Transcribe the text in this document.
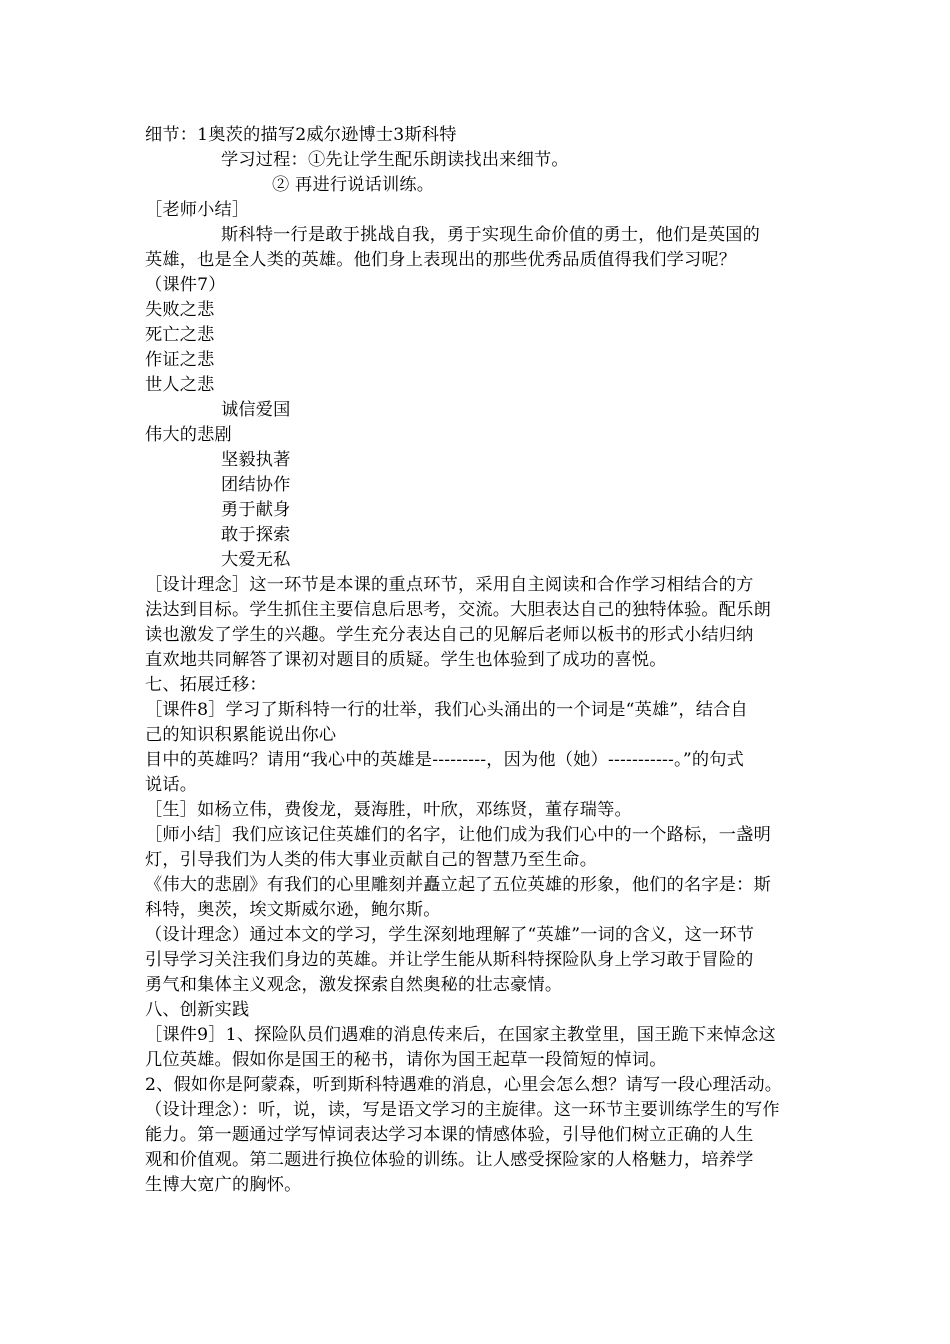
细节：1奥茨的描写2威尔逊博士3斯科特
学习过程：①先让学生配乐朗读找出来细节。
② 再进行说话训练。
［老师小结］
斯科特一行是敢于挑战自我，勇于实现生命价值的勇士，他们是英国的
英雄，也是全人类的英雄。他们身上表现出的那些优秀品质值得我们学习呢？
（课件7）
失败之悲
死亡之悲
作证之悲
世人之悲
诚信爱国
伟大的悲剧
坚毅执著
团结协作
勇于献身
敢于探索
大爱无私
［设计理念］这一环节是本课的重点环节，采用自主阅读和合作学习相结合的方
法达到目标。学生抓住主要信息后思考，交流。大胆表达自己的独特体验。配乐朗
读也激发了学生的兴趣。学生充分表达自己的见解后老师以板书的形式小结归纳
直欢地共同解答了课初对题目的质疑。学生也体验到了成功的喜悦。
七、拓展迁移：
［课件8］学习了斯科特一行的壮举，我们心头涌出的一个词是“英雄”，结合自
己的知识积累能说出你心
目中的英雄吗？请用“我心中的英雄是---------，因为他（她）-----------。”的句式
说话。
［生］如杨立伟，费俊龙，聂海胜，叶欣，邓练贤，董存瑞等。
［师小结］我们应该记住英雄们的名字，让他们成为我们心中的一个路标，一盏明
灯，引导我们为人类的伟大事业贡献自己的智慧乃至生命。
《伟大的悲剧》有我们的心里雕刻并矗立起了五位英雄的形象，他们的名字是：斯
科特，奥茨，埃文斯威尔逊，鲍尔斯。
（设计理念）通过本文的学习，学生深刻地理解了“英雄”一词的含义，这一环节
引导学习关注我们身边的英雄。并让学生能从斯科特探险队身上学习敢于冒险的
勇气和集体主义观念，激发探索自然奥秘的壮志豪情。
八、创新实践
［课件9］1、探险队员们遇难的消息传来后，在国家主教堂里，国王跪下来悼念这
几位英雄。假如你是国王的秘书，请你为国王起草一段简短的悼词。
2、假如你是阿蒙森，听到斯科特遇难的消息，心里会怎么想？请写一段心理活动。
（设计理念）：听，说，读，写是语文学习的主旋律。这一环节主要训练学生的写作
能力。第一题通过学写悼词表达学习本课的情感体验，引导他们树立正确的人生
观和价值观。第二题进行换位体验的训练。让人感受探险家的人格魅力，培养学
生博大宽广的胸怀。
